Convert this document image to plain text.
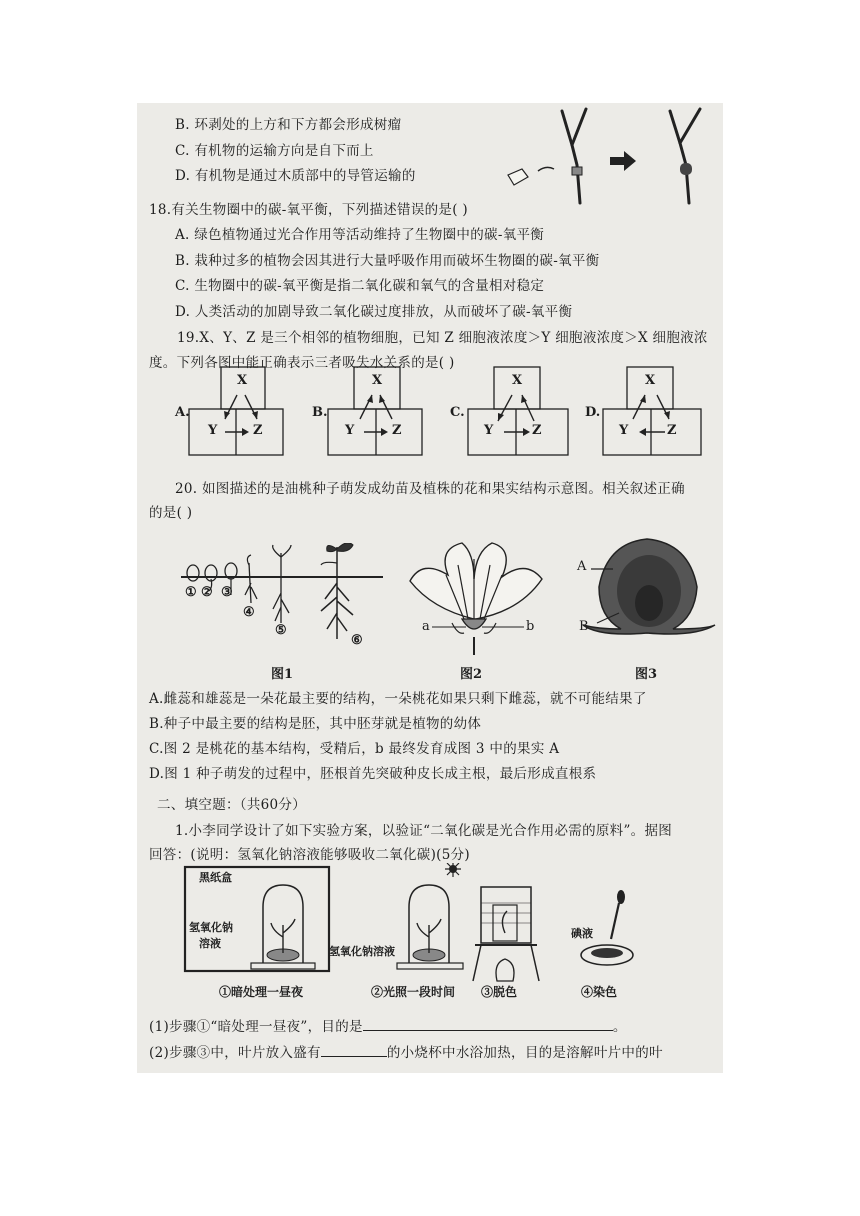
B. 环剥处的上方和下方都会形成树瘤
C. 有机物的运输方向是自下而上
D. 有机物是通过木质部中的导管运输的
18.有关生物圈中的碳-氧平衡，下列描述错误的是( )
A. 绿色植物通过光合作用等活动维持了生物圈中的碳-氧平衡
B. 栽种过多的植物会因其进行大量呼吸作用而破坏生物圈的碳-氧平衡
C. 生物圈中的碳-氧平衡是指二氧化碳和氧气的含量相对稳定
D. 人类活动的加剧导致二氧化碳过度排放，从而破坏了碳-氧平衡
19.X、Y、Z 是三个相邻的植物细胞，已知 Z 细胞液浓度＞Y 细胞液浓度＞X 细胞液浓
度。下列各图中能正确表示三者吸失水关系的是( )
A.
X
Y	Z
B.
X
Y	Z
C.
X
Y	Z
D.
X
Y	Z
20. 如图描述的是油桃种子萌发成幼苗及植株的花和果实结构示意图。相关叙述正确
的是( )
① ② ③
④
⑤
⑥
a	b
A
B
图1	图2	图3
A.雌蕊和雄蕊是一朵花最主要的结构，一朵桃花如果只剩下雌蕊，就不可能结果了
B.种子中最主要的结构是胚，其中胚芽就是植物的幼体
C.图 2 是桃花的基本结构，受精后，b 最终发育成图 3 中的果实 A
D.图 1 种子萌发的过程中，胚根首先突破种皮长成主根，最后形成直根系
二、填空题：（共60分）
1.小李同学设计了如下实验方案，以验证“二氧化碳是光合作用必需的原料”。据图
回答：(说明：氢氧化钠溶液能够吸收二氧化碳)(5分)
黑纸盒
氢氧化钠
溶液
氢氧化钠溶液
碘液
①暗处理一昼夜	②光照一段时间 ③脱色	④染色
(1)步骤①“暗处理一昼夜”，目的是	。
(2)步骤③中，叶片放入盛有	的小烧杯中水浴加热，目的是溶解叶片中的叶
